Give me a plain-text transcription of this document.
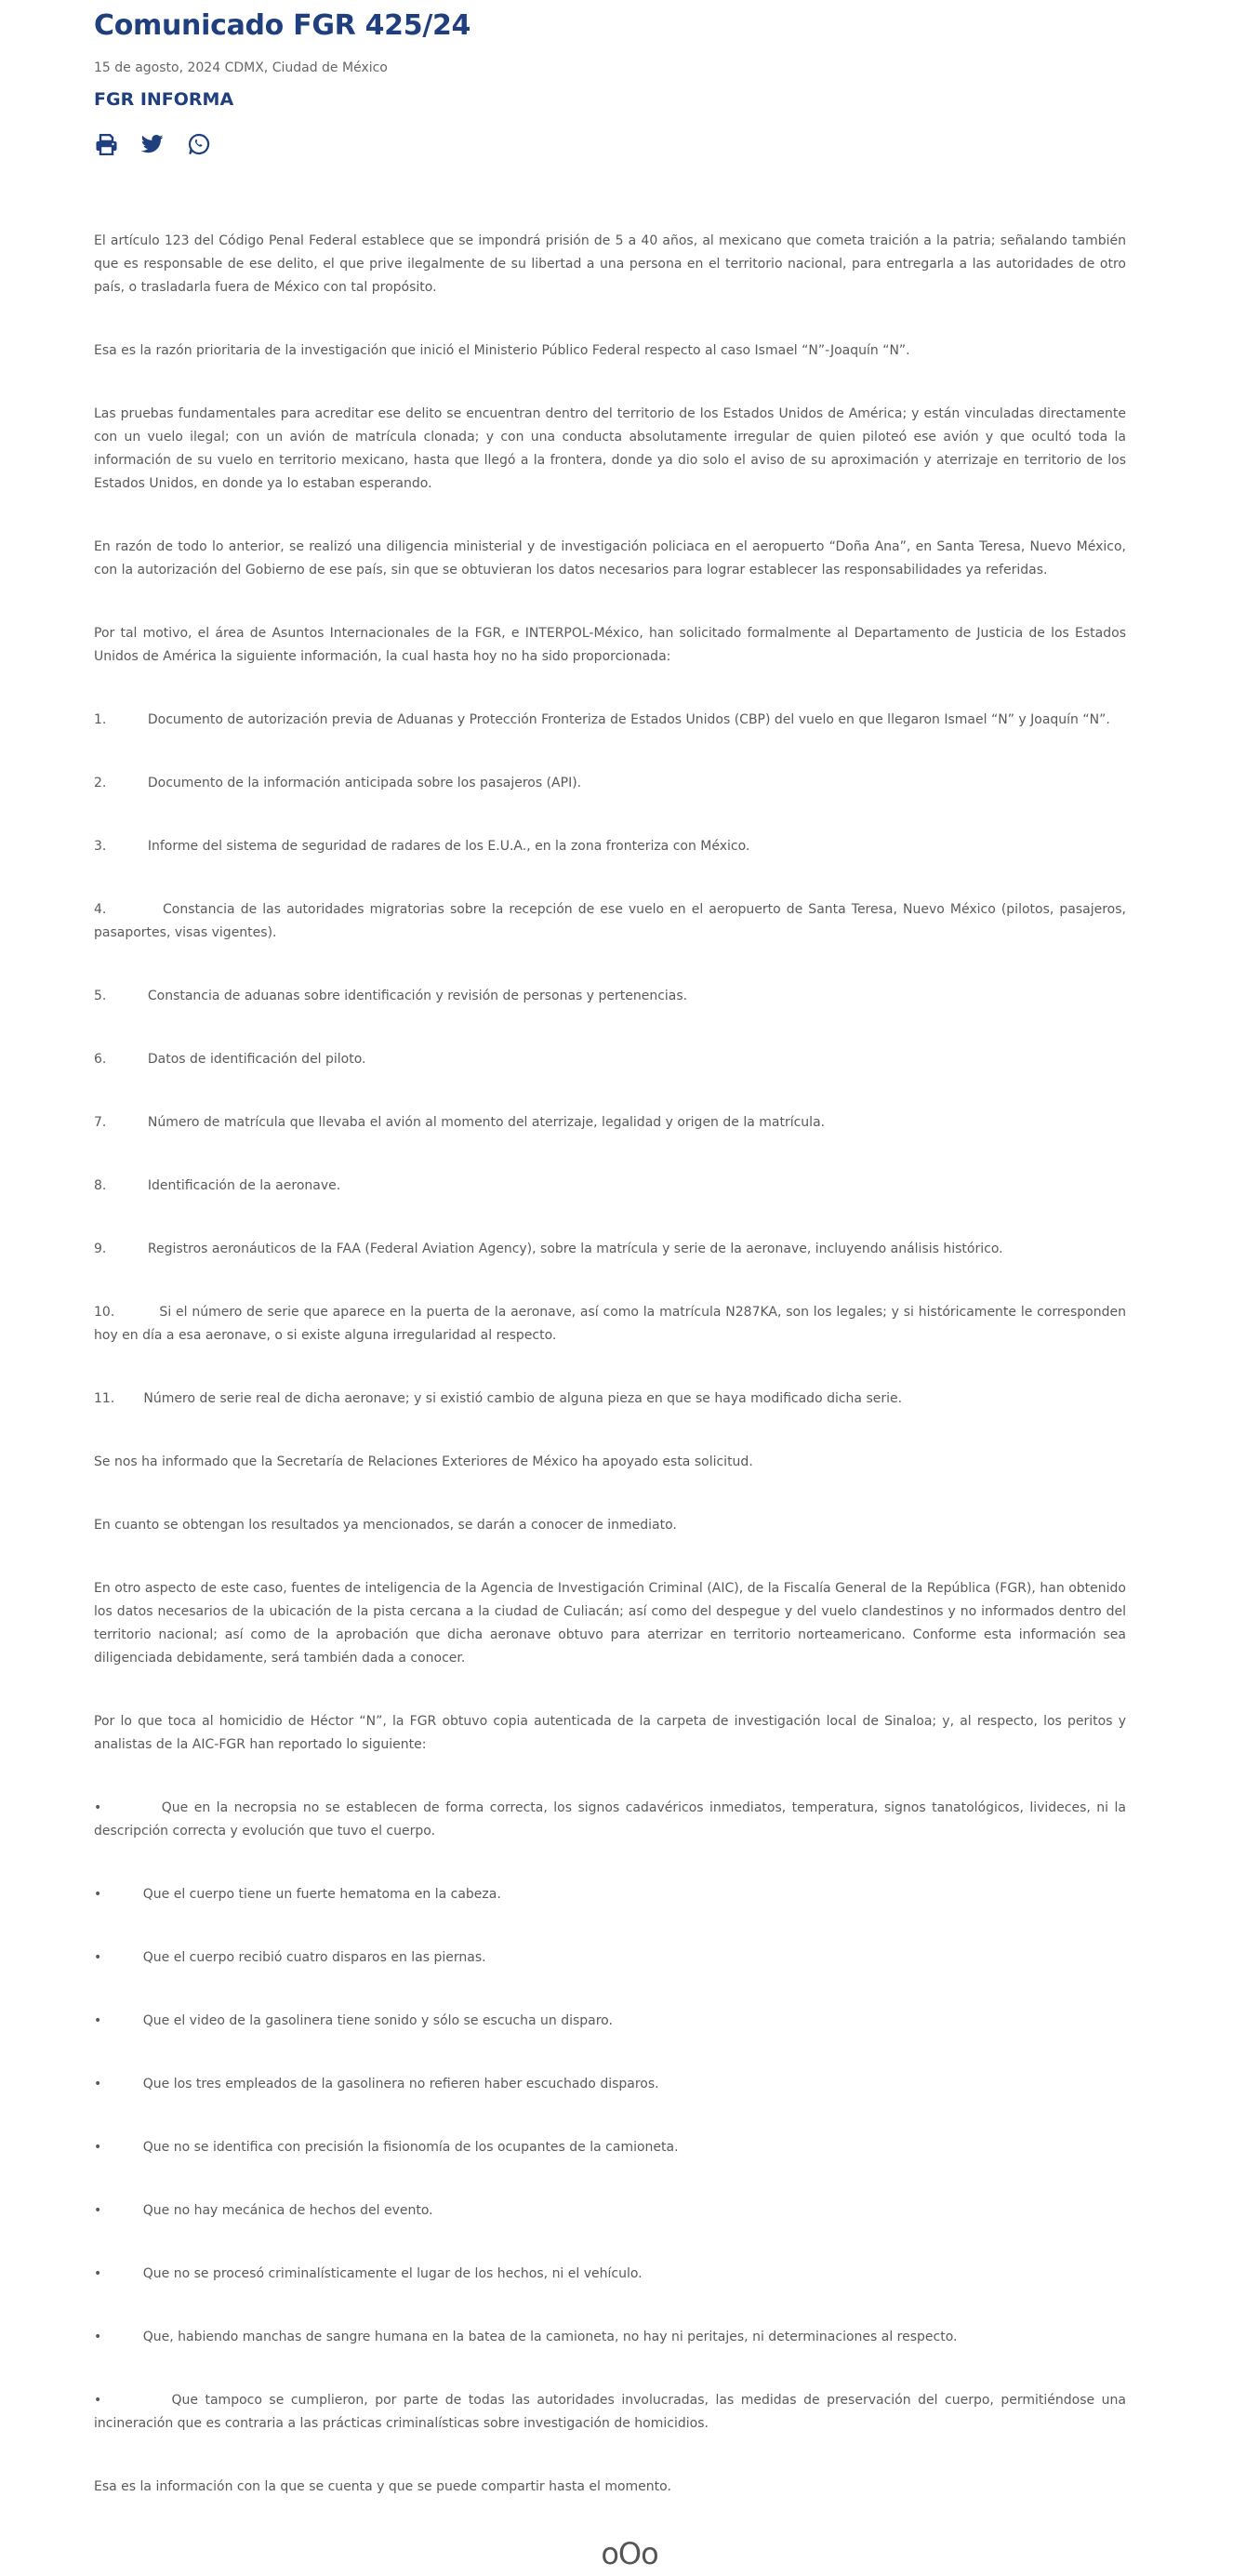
Comunicado FGR 425/24
15 de agosto, 2024 CDMX, Ciudad de México
FGR INFORMA

El artículo 123 del Código Penal Federal establece que se impondrá prisión de 5 a 40 años, al mexicano que cometa traición a la patria; señalando también que es responsable de ese delito, el que prive ilegalmente de su libertad a una persona en el territorio nacional, para entregarla a las autoridades de otro país, o trasladarla fuera de México con tal propósito.

Esa es la razón prioritaria de la investigación que inició el Ministerio Público Federal respecto al caso Ismael “N”-Joaquín “N”.

Las pruebas fundamentales para acreditar ese delito se encuentran dentro del territorio de los Estados Unidos de América; y están vinculadas directamente con un vuelo ilegal; con un avión de matrícula clonada; y con una conducta absolutamente irregular de quien piloteó ese avión y que ocultó toda la información de su vuelo en territorio mexicano, hasta que llegó a la frontera, donde ya dio solo el aviso de su aproximación y aterrizaje en territorio de los Estados Unidos, en donde ya lo estaban esperando.

En razón de todo lo anterior, se realizó una diligencia ministerial y de investigación policiaca en el aeropuerto “Doña Ana”, en Santa Teresa, Nuevo México, con la autorización del Gobierno de ese país, sin que se obtuvieran los datos necesarios para lograr establecer las responsabilidades ya referidas.

Por tal motivo, el área de Asuntos Internacionales de la FGR, e INTERPOL-México, han solicitado formalmente al Departamento de Justicia de los Estados Unidos de América la siguiente información, la cual hasta hoy no ha sido proporcionada:

1.          Documento de autorización previa de Aduanas y Protección Fronteriza de Estados Unidos (CBP) del vuelo en que llegaron Ismael “N” y Joaquín “N”.

2.          Documento de la información anticipada sobre los pasajeros (API).

3.          Informe del sistema de seguridad de radares de los E.U.A., en la zona fronteriza con México.

4.          Constancia de las autoridades migratorias sobre la recepción de ese vuelo en el aeropuerto de Santa Teresa, Nuevo México (pilotos, pasajeros, pasaportes, visas vigentes).

5.          Constancia de aduanas sobre identificación y revisión de personas y pertenencias.

6.          Datos de identificación del piloto.

7.          Número de matrícula que llevaba el avión al momento del aterrizaje, legalidad y origen de la matrícula.

8.          Identificación de la aeronave.

9.          Registros aeronáuticos de la FAA (Federal Aviation Agency), sobre la matrícula y serie de la aeronave, incluyendo análisis histórico.

10.          Si el número de serie que aparece en la puerta de la aeronave, así como la matrícula N287KA, son los legales; y si históricamente le corresponden hoy en día a esa aeronave, o si existe alguna irregularidad al respecto.

11.       Número de serie real de dicha aeronave; y si existió cambio de alguna pieza en que se haya modificado dicha serie.

Se nos ha informado que la Secretaría de Relaciones Exteriores de México ha apoyado esta solicitud.

En cuanto se obtengan los resultados ya mencionados, se darán a conocer de inmediato.

En otro aspecto de este caso, fuentes de inteligencia de la Agencia de Investigación Criminal (AIC), de la Fiscalía General de la República (FGR), han obtenido los datos necesarios de la ubicación de la pista cercana a la ciudad de Culiacán; así como del despegue y del vuelo clandestinos y no informados dentro del territorio nacional; así como de la aprobación que dicha aeronave obtuvo para aterrizar en territorio norteamericano. Conforme esta información sea diligenciada debidamente, será también dada a conocer.

Por lo que toca al homicidio de Héctor “N”, la FGR obtuvo copia autenticada de la carpeta de investigación local de Sinaloa; y, al respecto, los peritos y analistas de la AIC-FGR han reportado lo siguiente:

•          Que en la necropsia no se establecen de forma correcta, los signos cadavéricos inmediatos, temperatura, signos tanatológicos, livideces, ni la descripción correcta y evolución que tuvo el cuerpo.

•          Que el cuerpo tiene un fuerte hematoma en la cabeza.

•          Que el cuerpo recibió cuatro disparos en las piernas.

•          Que el video de la gasolinera tiene sonido y sólo se escucha un disparo.

•          Que los tres empleados de la gasolinera no refieren haber escuchado disparos.

•          Que no se identifica con precisión la fisionomía de los ocupantes de la camioneta.

•          Que no hay mecánica de hechos del evento.

•          Que no se procesó criminalísticamente el lugar de los hechos, ni el vehículo.

•          Que, habiendo manchas de sangre humana en la batea de la camioneta, no hay ni peritajes, ni determinaciones al respecto.

•          Que tampoco se cumplieron, por parte de todas las autoridades involucradas, las medidas de preservación del cuerpo, permitiéndose una incineración que es contraria a las prácticas criminalísticas sobre investigación de homicidios.

Esa es la información con la que se cuenta y que se puede compartir hasta el momento.

oOo
